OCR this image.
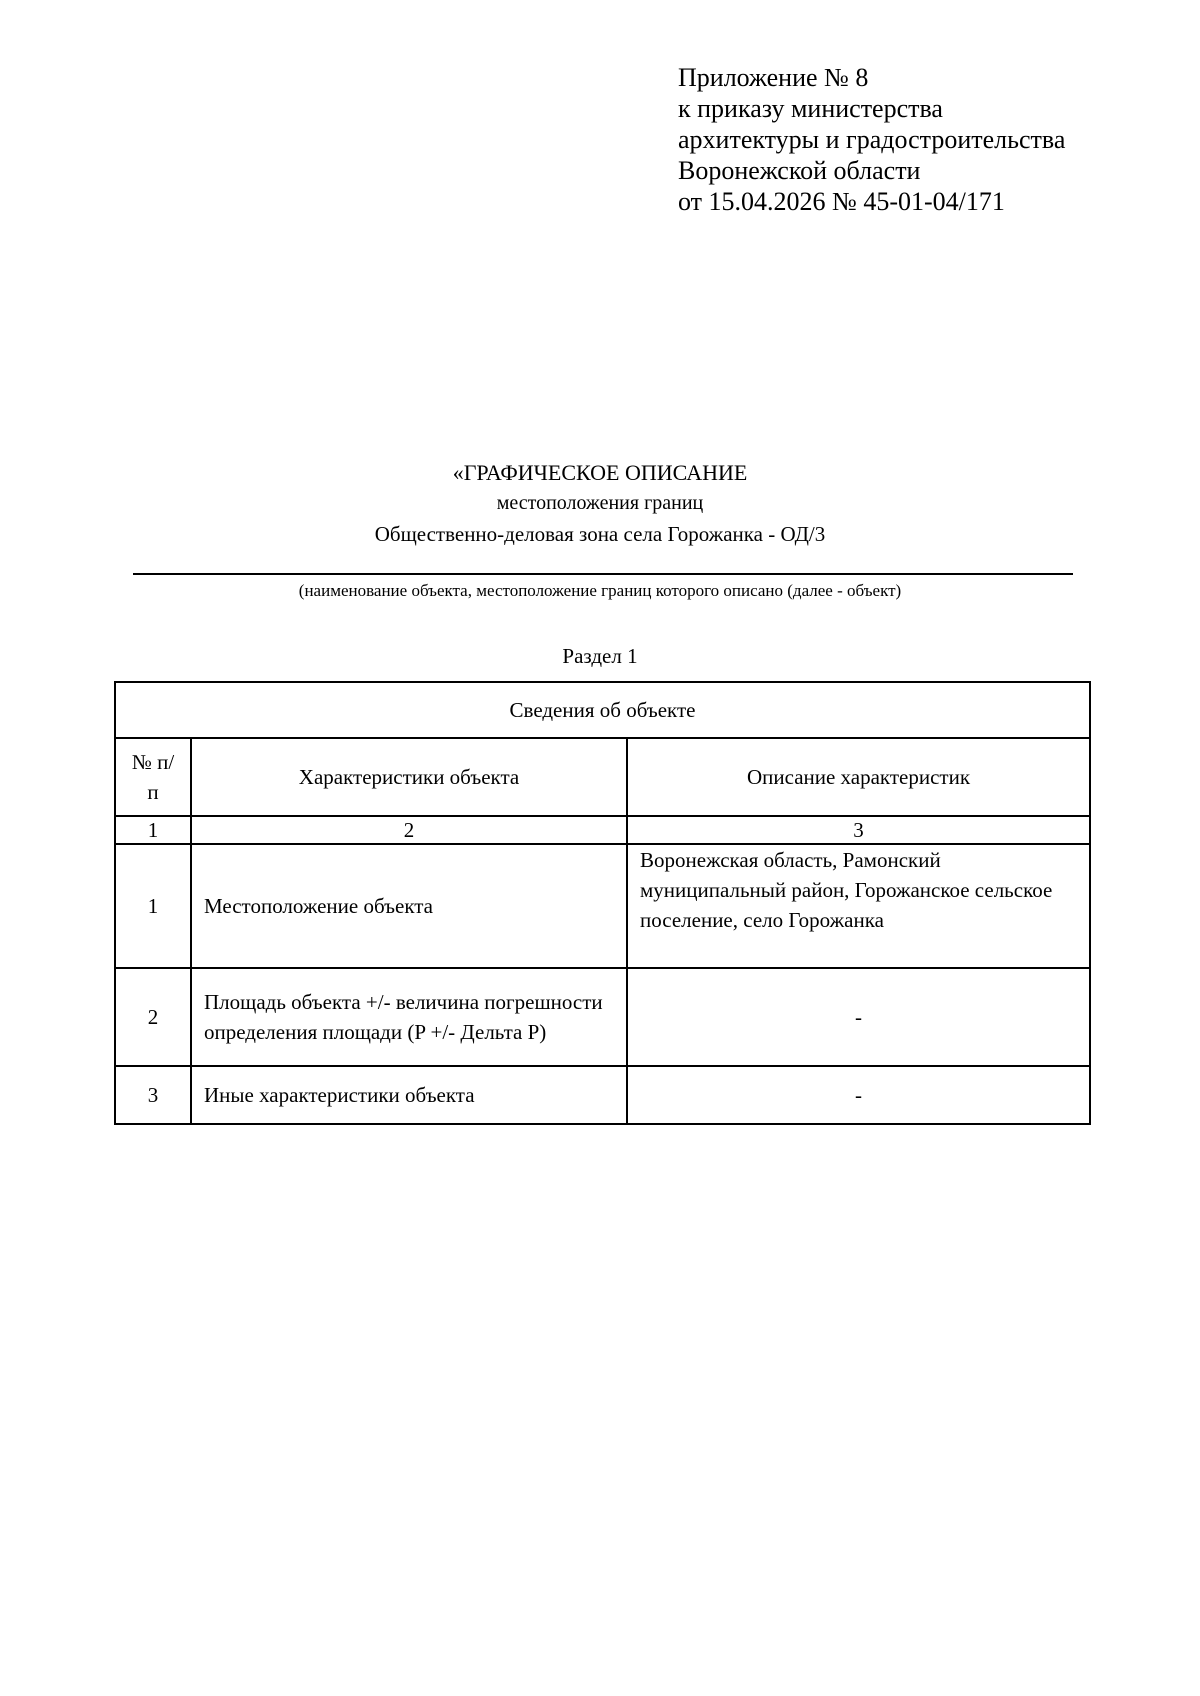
Приложение № 8
к приказу министерства
архитектуры и градостроительства
Воронежской области
от 15.04.2026 № 45-01-04/171
«ГРАФИЧЕСКОЕ ОПИСАНИЕ
местоположения границ
Общественно-деловая зона села Горожанка - ОД/3
(наименование объекта, местоположение границ которого описано (далее - объект)
Раздел 1
Сведения об объекте		
№ п/п	Характеристики объекта	Описание характеристик
1	2	3
1	Местоположение объекта	Воронежская область, Рамонский муниципальный район, Горожанское сельское поселение, село Горожанка
2	Площадь объекта +/- величина погрешности определения площади (P +/- Дельта P)	-
3	Иные характеристики объекта	-
